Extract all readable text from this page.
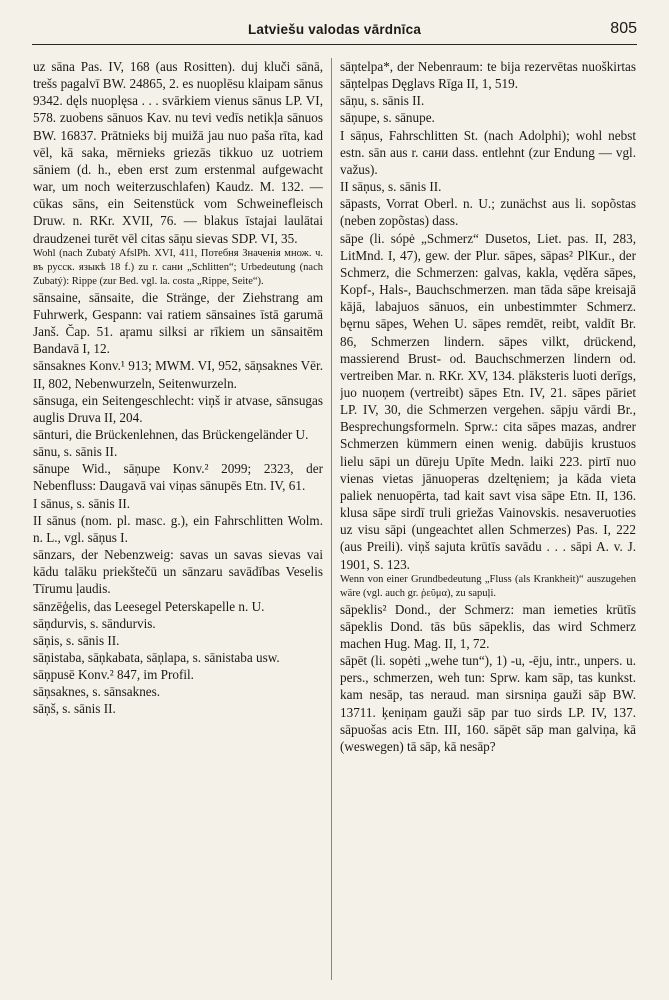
Latviešu valodas vārdnīca	805

uz sāna Pas. IV, 168 (aus Rositten). duj kluči sānā, trešs pagalvī BW. 24865, 2. es nuoplēsu klaipam sānus 9342. dęls nuoplęsa . . . svārkiem vienus sānus LP. VI, 578. zuobens sānuos Kav. nu tevi vedīs netikļa sānuos BW. 16837. Prātnieks bij muižā jau nuo paša rīta, kad vēl, kā saka, mērnieks griezās tikkuo uz uotriem sāniem (d. h., eben erst zum erstenmal aufgewacht war, um noch weiterzuschlafen) Kaudz. M. 132. — cūkas sāns, ein Seitenstück vom Schweinefleisch Druw. n. RKr. XVII, 76. — blakus īstajai laulātai draudzenei turēt vēl citas sāņu sievas SDP. VI, 35.

Wohl (nach Zubatý AfslPh. XVI, 411, Потебня Значенія множ. ч. въ русск. языкѣ 18 f.) zu r. сани „Schlitten“; Urbedeutung (nach Zubatý): Rippe (zur Bed. vgl. la. costa „Rippe, Seite“).

sānsaine, sānsaite, die Stränge, der Ziehstrang am Fuhrwerk, Gespann: vai ratiem sānsaines īstā garumā Janš. Čap. 51. aŗamu silksi ar rīkiem un sānsaitēm Bandavā I, 12.

sānsaknes Konv.¹ 913; MWM. VI, 952, sāņsaknes Vēr. II, 802, Nebenwurzeln, Seitenwurzeln.

sānsuga, ein Seitengeschlecht: viņš ir atvase, sānsugas auglis Druva II, 204.

sānturi, die Brückenlehnen, das Brückengeländer U.

sānu, s. sānis II.

sānupe Wid., sāņupe Konv.² 2099; 2323, der Nebenfluss: Daugavā vai viņas sānupēs Etn. IV, 61.

I sānus, s. sānis II.

II sānus (nom. pl. masc. g.), ein Fahrschlitten Wolm. n. L., vgl. sāņus I.

sānzars, der Nebenzweig: savas un savas sievas vai kādu talāku priekštečū un sānzaru savādības Veselis Tīrumu ļaudis.

sānzēģelis, das Leesegel Peterskapelle n. U.

sāņdurvis, s. sāndurvis.

sāņis, s. sānis II.

sāņistaba, sāņkabata, sāņlapa, s. sānistaba usw.

sāņpusē Konv.² 847, im Profil.

sāņsaknes, s. sānsaknes.

sāņš, s. sānis II.

sāņtelpa*, der Nebenraum: te bija rezervētas nuoškirtas sāņtelpas Dęglavs Rīga II, 1, 519.

sāņu, s. sānis II.

sāņupe, s. sānupe.

I sāņus, Fahrschlitten St. (nach Adolphi); wohl nebst estn. sān aus r. сани dass. entlehnt (zur Endung — vgl. važus).

II sāņus, s. sānis II.

sāpasts, Vorrat Oberl. n. U.; zunächst aus li. sopõstas (neben zopõstas) dass.

sāpe (li. sópė „Schmerz“ Dusetos, Liet. pas. II, 283, LitMnd. I, 47), gew. der Plur. sāpes, sāpas² PlKur., der Schmerz, die Schmerzen: galvas, kakla, vęděra sāpes, Kopf-, Hals-, Bauchschmerzen. man tāda sāpe kreisajā kājā, labajuos sānuos, ein unbestimmter Schmerz. bęrnu sāpes, Wehen U. sāpes remdēt, reibt, valdīt Br. 86, Schmerzen lindern. sāpes vilkt, drückend, massierend Brust- od. Bauchschmerzen lindern od. vertreiben Mar. n. RKr. XV, 134. plāksteris luoti derīgs, juo nuoņem (vertreibt) sāpes Etn. IV, 21. sāpes pāriet LP. IV, 30, die Schmerzen vergehen. sāpju vārdi Br., Besprechungsformeln. Sprw.: cita sāpes mazas, andrer Schmerzen kümmern einen wenig. dabūjis krustuos lielu sāpi un dūreju Upīte Medn. laiki 223. pirtī nuo vienas vietas jānuoperas dzeltęniem; ja kāda vieta paliek nenuopērta, tad kait savt visa sāpe Etn. II, 136. klusa sāpe sirdī truli griežas Vainovskis. nesaveruoties uz visu sāpi (ungeachtet allen Schmerzes) Pas. I, 222 (aus Preili). viņš sajuta krūtīs savādu . . . sāpi A. v. J. 1901, S. 123.

Wenn von einer Grundbedeutung „Fluss (als Krankheit)“ auszugehen wäre (vgl. auch gr. ῥεῦμα), zu sapuļi.

sāpeklis² Dond., der Schmerz: man iemeties krūtīs sāpeklis Dond. tās būs sāpeklis, das wird Schmerz machen Hug. Mag. II, 1, 72.

sāpēt (li. sopėti „wehe tun“), 1) -u, -ēju, intr., unpers. u. pers., schmerzen, weh tun: Sprw. kam sāp, tas kunkst. kam nesāp, tas neraud. man sirsniņa gauži sāp BW. 13711. ķeniņam gauži sāp par tuo sirds LP. IV, 137. sāpuošas acis Etn. III, 160. sāpēt sāp man galviņa, kā (weswegen) tā sāp, kā nesāp?
